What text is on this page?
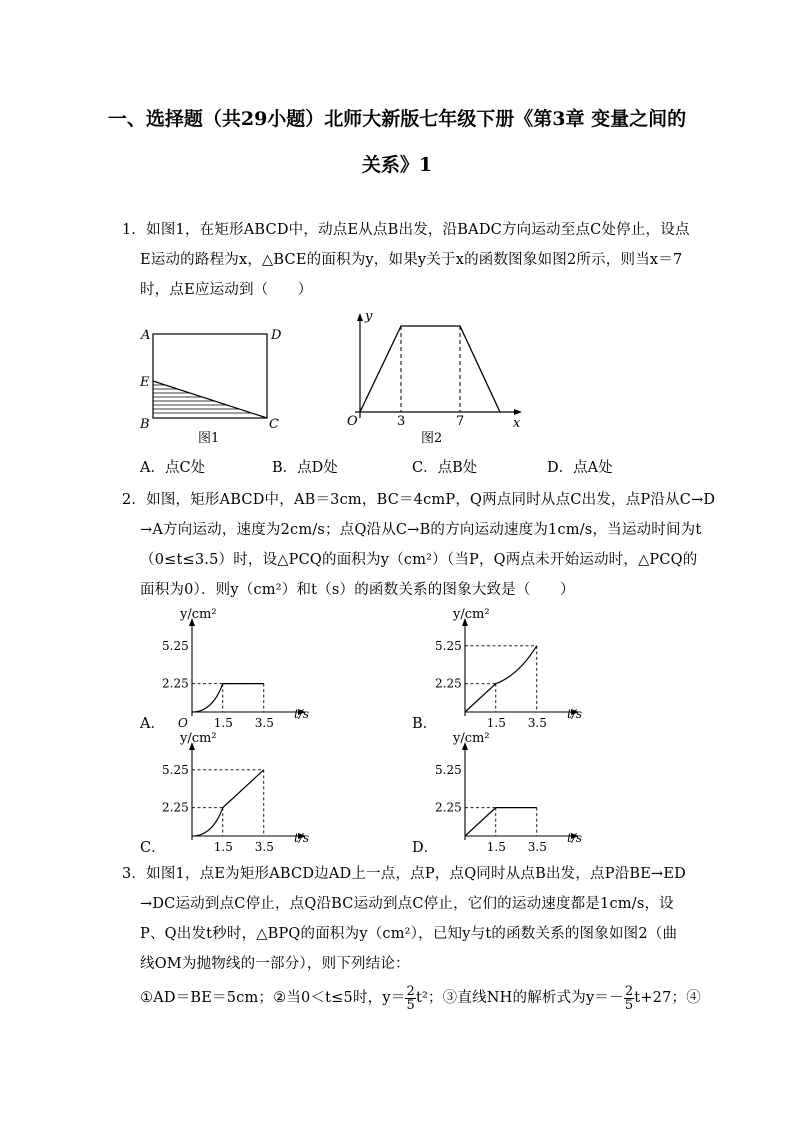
一、选择题（共29小题）北师大新版七年级下册《第3章 变量之间的
关系》1
1．如图1，在矩形ABCD中，动点E从点B出发，沿BADC方向运动至点C处停止，设点
E运动的路程为x，△BCE的面积为y，如果y关于x的函数图象如图2所示，则当x＝7
时，点E应运动到（　　）
A	D
E
B	C
图1
y
O	3	7	x
图2
A．点C处	B．点D处	C．点B处	D．点A处
2．如图，矩形ABCD中，AB＝3cm，BC＝4cmP，Q两点同时从点C出发，点P沿从C→D
→A方向运动，速度为2cm/s；点Q沿从C→B的方向运动速度为1cm/s，当运动时间为t
（0≤t≤3.5）时，设△PCQ的面积为y（cm²）（当P，Q两点未开始运动时，△PCQ的
面积为0）．则y（cm²）和t（s）的函数关系的图象大致是（　　）
y/cm²
t/s
5.25
2.25
1.5 3.5
O
y/cm²
t/s
5.25
2.25
1.5 3.5
y/cm²
t/s
5.25
2.25
1.5 3.5
y/cm²
t/s
5.25
2.25
1.5 3.5
A．	B．
C．	D．
3．如图1，点E为矩形ABCD边AD上一点，点P，点Q同时从点B出发，点P沿BE→ED
→DC运动到点C停止，点Q沿BC运动到点C停止，它们的运动速度都是1cm/s，设
P、Q出发t秒时，△BPQ的面积为y（cm²），已知y与t的函数关系的图象如图2（曲
线OM为抛物线的一部分），则下列结论：
①AD＝BE＝5cm；②当0＜t≤5时，$y= \frac{2}{5} t^2$；③直线NH的解析式为$y=- \frac{2}{5} t+27$；④
